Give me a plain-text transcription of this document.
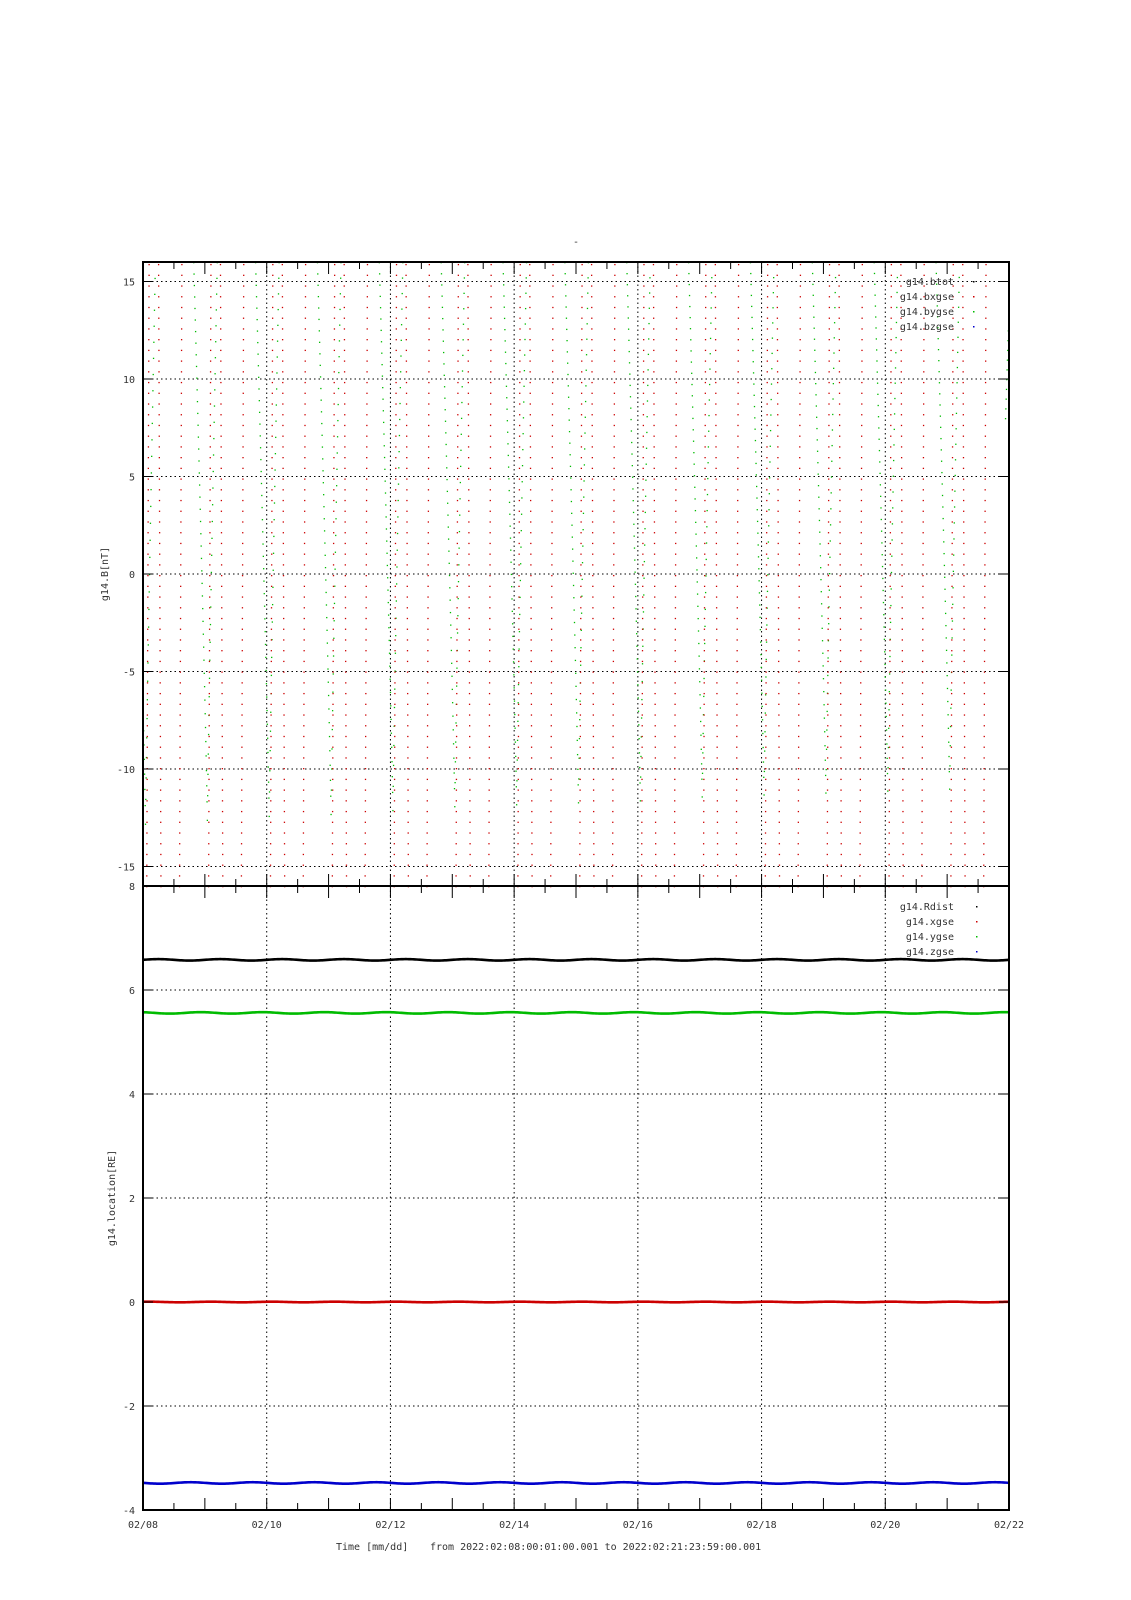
-
-15
-10
-5
0
5
10
15
g14.B[nT]
g14.btot
g14.bxgse
g14.bygse
g14.bzgse
-4
-2
0
2
4
6
8
g14.location[RE]
g14.Rdist
g14.xgse
g14.ygse
g14.zgse
02/08	02/10	02/12	02/14	02/16	02/18	02/20	02/22
Time [mm/dd] from 2022:02:08:00:01:00.001 to 2022:02:21:23:59:00.001
